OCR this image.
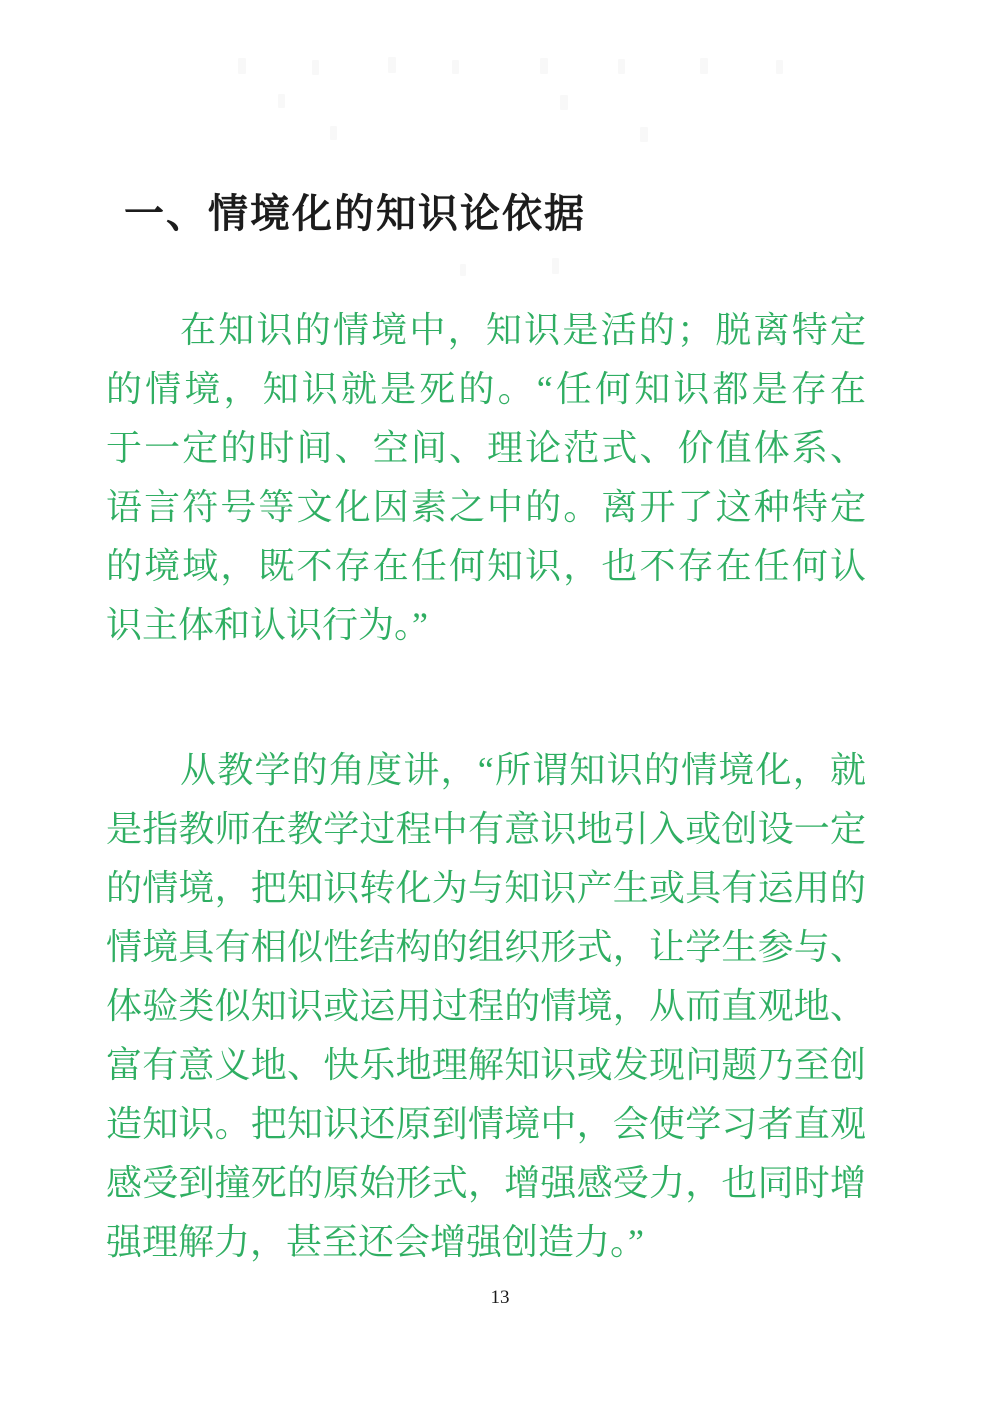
一、情境化的知识论依据
在知识的情境中，知识是活的；脱离特定
的情境，知识就是死的。“任何知识都是存在
于一定的时间、空间、理论范式、价值体系、
语言符号等文化因素之中的。离开了这种特定
的境域，既不存在任何知识，也不存在任何认
识主体和认识行为。”
从教学的角度讲，“所谓知识的情境化，就
是指教师在教学过程中有意识地引入或创设一定
的情境，把知识转化为与知识产生或具有运用的
情境具有相似性结构的组织形式，让学生参与、
体验类似知识或运用过程的情境，从而直观地、
富有意义地、快乐地理解知识或发现问题乃至创
造知识。把知识还原到情境中，会使学习者直观
感受到撞死的原始形式，增强感受力，也同时增
强理解力，甚至还会增强创造力。”
13
